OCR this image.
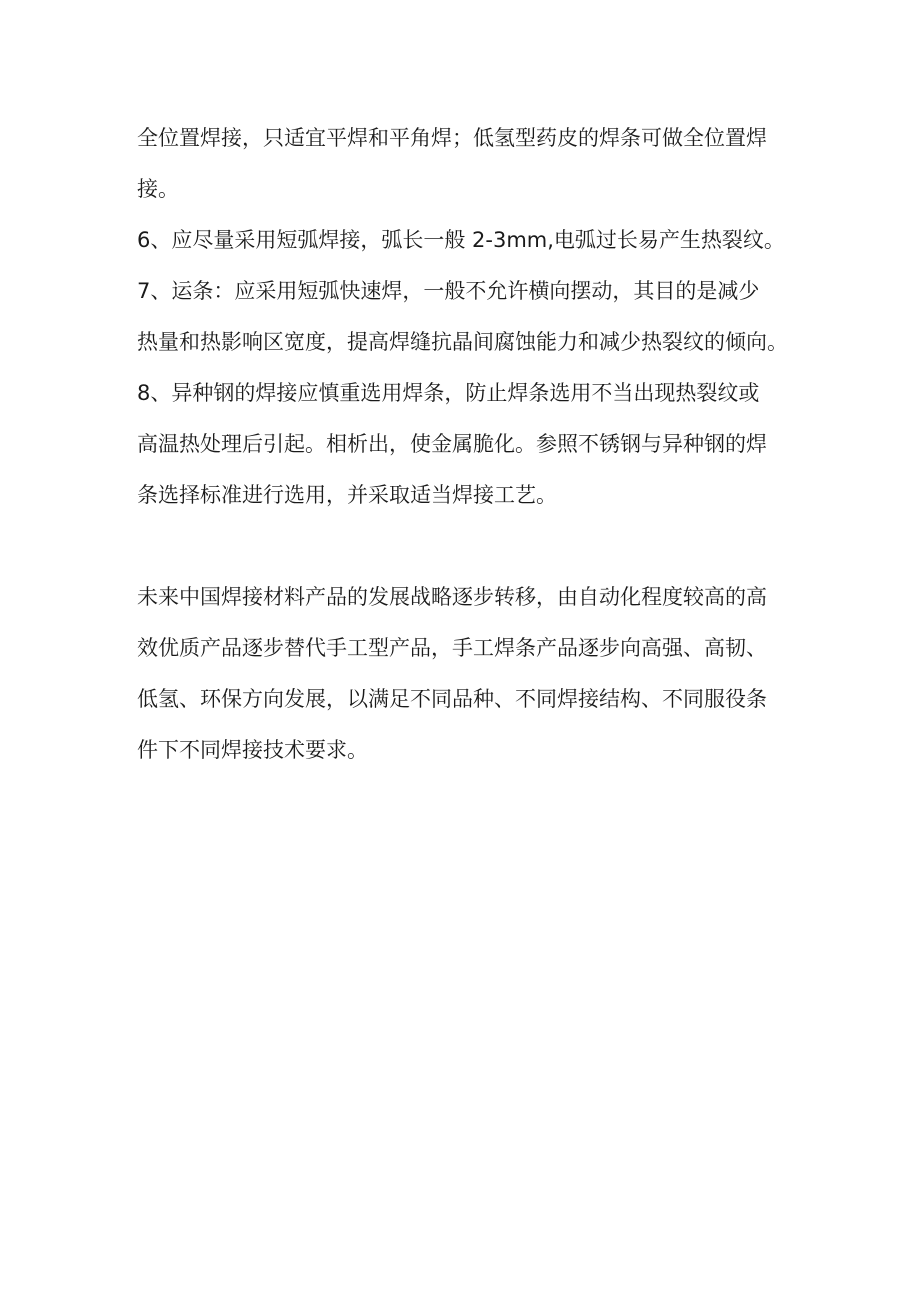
全位置焊接，只适宜平焊和平角焊；低氢型药皮的焊条可做全位置焊
接。
6、应尽量采用短弧焊接，弧长一般 2-3mm,电弧过长易产生热裂纹。
7、运条：应采用短弧快速焊，一般不允许横向摆动，其目的是减少
热量和热影响区宽度，提高焊缝抗晶间腐蚀能力和减少热裂纹的倾向。
8、异种钢的焊接应慎重选用焊条，防止焊条选用不当出现热裂纹或
高温热处理后引起。相析出，使金属脆化。参照不锈钢与异种钢的焊
条选择标准进行选用，并采取适当焊接工艺。
未来中国焊接材料产品的发展战略逐步转移，由自动化程度较高的高
效优质产品逐步替代手工型产品，手工焊条产品逐步向高强、高韧、
低氢、环保方向发展，以满足不同品种、不同焊接结构、不同服役条
件下不同焊接技术要求。
